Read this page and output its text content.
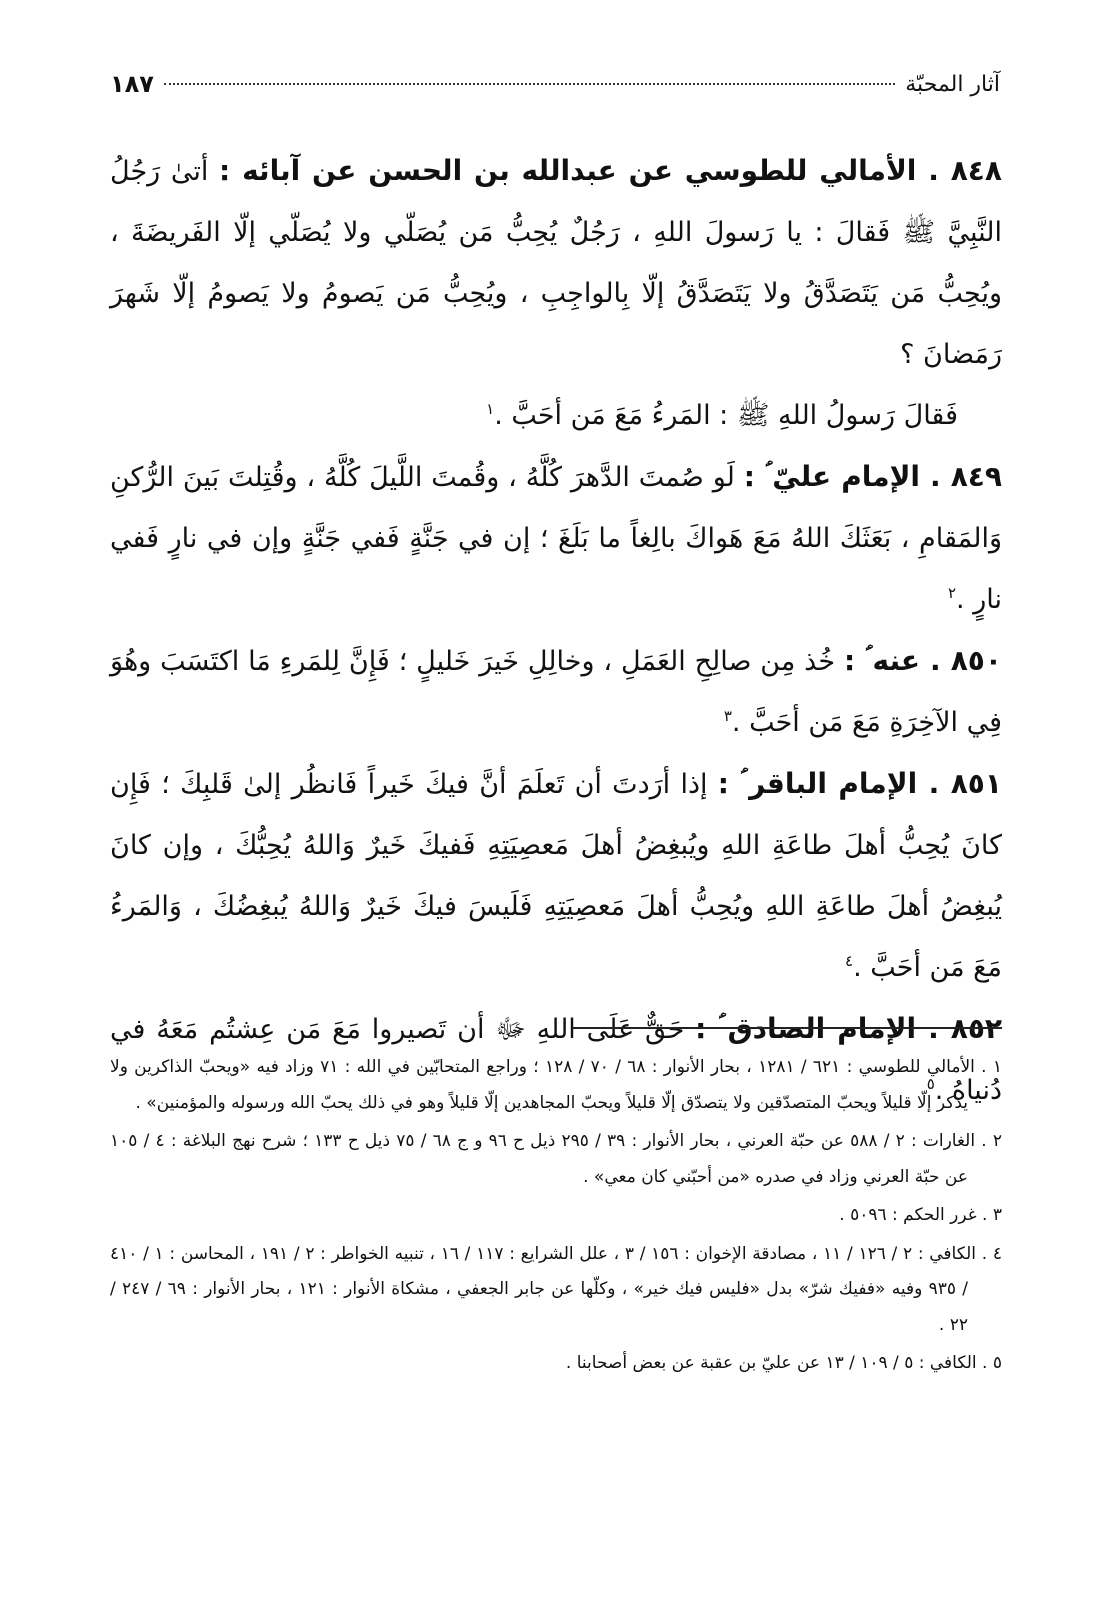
آثار المحبّة
١٨٧

٨٤٨ . الأمالي للطوسي عن عبدالله بن الحسن عن آبائه : أتىٰ رَجُلُ النَّبِيَّ ﷺ فَقالَ : يا رَسولَ اللهِ ، رَجُلٌ يُحِبُّ مَن يُصَلّي ولا يُصَلّي إلّا الفَريضَةَ ، ويُحِبُّ مَن يَتَصَدَّقُ ولا يَتَصَدَّقُ إلّا بِالواجِبِ ، ويُحِبُّ مَن يَصومُ ولا يَصومُ إلّا شَهرَ رَمَضانَ ؟

فَقالَ رَسولُ اللهِ ﷺ : المَرءُ مَعَ مَن أحَبَّ .$^١$

٨٤٩ . الإمام عليّ ؑ : لَو صُمتَ الدَّهرَ كُلَّهُ ، وقُمتَ اللَّيلَ كُلَّهُ ، وقُتِلتَ بَينَ الرُّكنِ وَالمَقامِ ، بَعَثَكَ اللهُ مَعَ هَواكَ بالِغاً ما بَلَغَ ؛ إن في جَنَّةٍ فَفي جَنَّةٍ وإن في نارٍ فَفي نارٍ .$^٢$

٨٥٠ . عنه ؑ : خُذ مِن صالِحِ العَمَلِ ، وخالِلِ خَيرَ خَليلٍ ؛ فَإِنَّ لِلمَرءِ مَا اكتَسَبَ وهُوَ فِي الآخِرَةِ مَعَ مَن أحَبَّ .$^٣$

٨٥١ . الإمام الباقر ؑ : إذا أرَدتَ أن تَعلَمَ أنَّ فيكَ خَيراً فَانظُر إلىٰ قَلبِكَ ؛ فَإِن كانَ يُحِبُّ أهلَ طاعَةِ اللهِ ويُبغِضُ أهلَ مَعصِيَتِهِ فَفيكَ خَيرٌ وَاللهُ يُحِبُّكَ ، وإن كانَ يُبغِضُ أهلَ طاعَةِ اللهِ ويُحِبُّ أهلَ مَعصِيَتِهِ فَلَيسَ فيكَ خَيرٌ وَاللهُ يُبغِضُكَ ، وَالمَرءُ مَعَ مَن أحَبَّ .$^٤$

٨٥٢ . الإمام الصادق ؑ : حَقٌّ عَلَى اللهِ ﷻ أن تَصيروا مَعَ مَن عِشتُم مَعَهُ في دُنياهُ .$^٥$

١ . الأمالي للطوسي : ٦٢١ / ١٢٨١ ، بحار الأنوار : ٦٨ / ٧٠ / ١٢٨ ؛ وراجع المتحابّين في الله : ٧١ وزاد فيه «ويحبّ الذاكرين ولا يذكر إلّا قليلاً ويحبّ المتصدّقين ولا يتصدّق إلّا قليلاً ويحبّ المجاهدين إلّا قليلاً وهو في ذلك يحبّ الله ورسوله والمؤمنين» .

٢ . الغارات : ٢ / ٥٨٨ عن حبّة العرني ، بحار الأنوار : ٣٩ / ٢٩٥ ذيل ح ٩٦ و ج ٦٨ / ٧٥ ذيل ح ١٣٣ ؛ شرح نهج البلاغة : ٤ / ١٠٥ عن حبّة العرني وزاد في صدره «من أحبّني كان معي» .

٣ . غرر الحكم : ٥٠٩٦ .

٤ . الكافي : ٢ / ١٢٦ / ١١ ، مصادقة الإخوان : ١٥٦ / ٣ ، علل الشرايع : ١١٧ / ١٦ ، تنبيه الخواطر : ٢ / ١٩١ ، المحاسن : ١ / ٤١٠ / ٩٣٥ وفيه «ففيك شرّ» بدل «فليس فيك خير» ، وكلّها عن جابر الجعفي ، مشكاة الأنوار : ١٢١ ، بحار الأنوار : ٦٩ / ٢٤٧ / ٢٢ .

٥ . الكافي : ٥ / ١٠٩ / ١٣ عن عليّ بن عقبة عن بعض أصحابنا .
